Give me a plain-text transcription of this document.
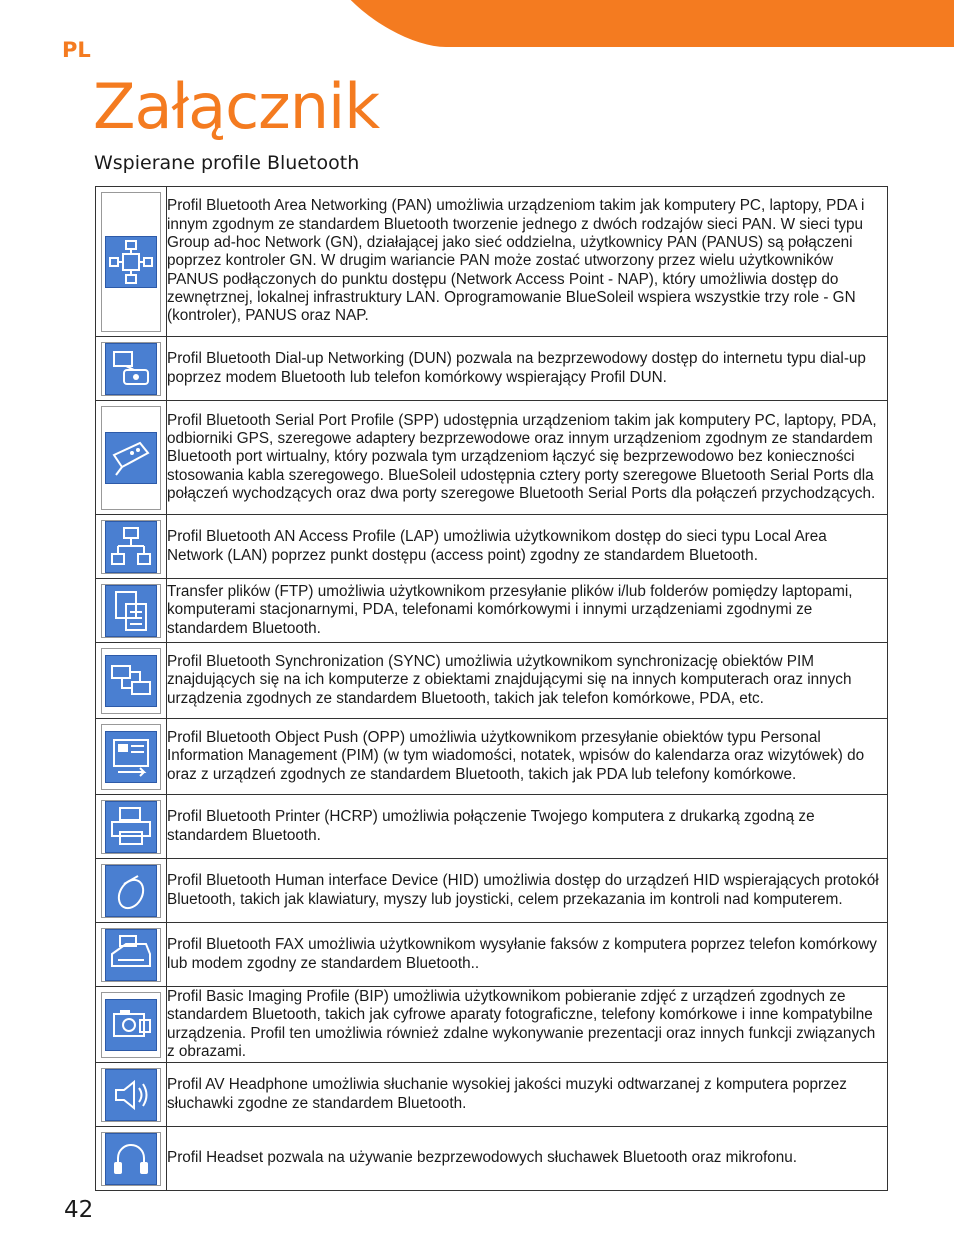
PL
Załącznik
Wspierane profile Bluetooth
	Profil Bluetooth Area Networking (PAN) umożliwia urządzeniom takim jak komputery PC, laptopy, PDA i innym zgodnym ze standardem Bluetooth tworzenie jednego z dwóch rodzajów sieci PAN. W sieci typu Group ad-hoc Network (GN), działającej jako sieć oddzielna, użytkownicy PAN (PANUS) są połączeni poprzez kontroler GN. W drugim wariancie PAN może zostać utworzony przez wielu użytkowników PANUS podłączonych do punktu dostępu (Network Access Point - NAP), który umożliwia dostęp do zewnętrznej, lokalnej infrastruktury LAN. Oprogramowanie BlueSoleil wspiera wszystkie trzy role - GN (kontroler), PANUS oraz NAP.

	Profil Bluetooth Dial-up Networking (DUN) pozwala na bezprzewodowy dostęp do internetu typu dial-up poprzez modem Bluetooth lub telefon komórkowy wspierający Profil DUN.

	Profil Bluetooth Serial Port Profile (SPP) udostępnia urządzeniom takim jak komputery PC, laptopy, PDA, odbiorniki GPS, szeregowe adaptery bezprzewodowe oraz innym urządzeniom zgodnym ze standardem Bluetooth port wirtualny, który pozwala tym urządzeniom łączyć się bezprzewodowo bez konieczności stosowania kabla szeregowego. BlueSoleil udostępnia cztery porty szeregowe Bluetooth Serial Ports dla połączeń wychodzących oraz dwa porty szeregowe Bluetooth Serial Ports dla połączeń przychodzących.

	Profil Bluetooth AN Access Profile (LAP) umożliwia użytkownikom dostęp do sieci typu Local Area Network (LAN) poprzez punkt dostępu (access point) zgodny ze standardem Bluetooth.

	Transfer plików (FTP) umożliwia użytkownikom przesyłanie plików i/lub folderów pomiędzy laptopami, komputerami stacjonarnymi, PDA, telefonami komórkowymi i innymi urządzeniami zgodnymi ze standardem Bluetooth.

	Profil Bluetooth Synchronization (SYNC) umożliwia użytkownikom synchronizację obiektów PIM znajdujących się na ich komputerze z obiektami znajdującymi się na innych komputerach oraz innych urządzenia zgodnych ze standardem Bluetooth, takich jak telefon komórkowe, PDA, etc.

	Profil Bluetooth Object Push (OPP) umożliwia użytkownikom przesyłanie obiektów typu Personal Information Management (PIM) (w tym wiadomości, notatek, wpisów do kalendarza oraz wizytówek) do oraz z urządzeń zgodnych ze standardem Bluetooth, takich jak PDA lub telefony komórkowe.

	Profil Bluetooth Printer (HCRP) umożliwia połączenie Twojego komputera z drukarką zgodną ze standardem Bluetooth.

	Profil Bluetooth Human interface Device (HID) umożliwia dostęp do urządzeń HID wspierających protokół Bluetooth, takich jak klawiatury, myszy lub joysticki, celem przekazania im kontroli nad komputerem.

	Profil Bluetooth FAX umożliwia użytkownikom wysyłanie faksów z komputera poprzez telefon komórkowy lub modem zgodny ze standardem Bluetooth..

	Profil Basic Imaging Profile (BIP) umożliwia użytkownikom pobieranie zdjęć z urządzeń zgodnych ze standardem Bluetooth, takich jak cyfrowe aparaty fotograficzne, telefony komórkowe i inne kompatybilne urządzenia. Profil ten umożliwia również zdalne wykonywanie prezentacji oraz innych funkcji związanych z obrazami.

	Profil AV Headphone umożliwia słuchanie wysokiej jakości muzyki odtwarzanej z komputera poprzez słuchawki zgodne ze standardem Bluetooth.

	Profil Headset pozwala na używanie bezprzewodowych słuchawek Bluetooth oraz mikrofonu.
42
